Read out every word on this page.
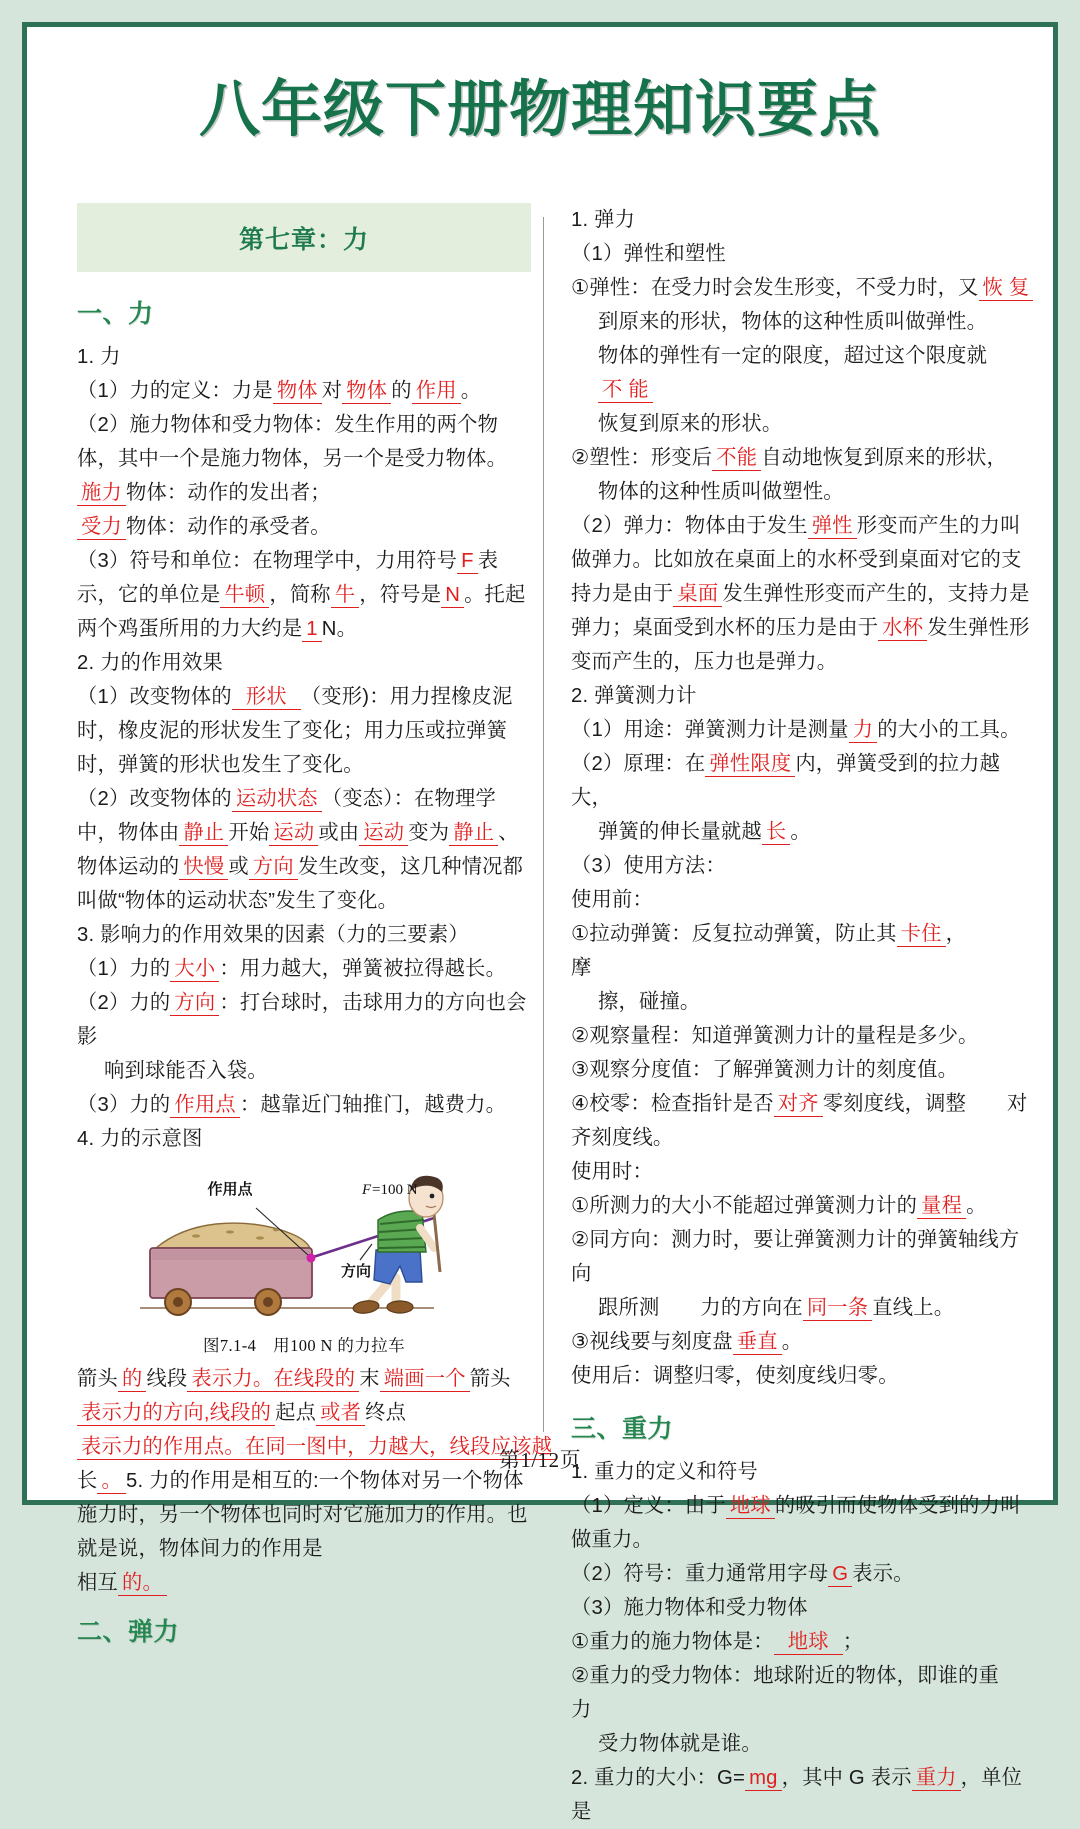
八年级下册物理知识要点
第七章：力
一、力
1. 力
（1）力的定义：力是 物体 对 物体 的 作用 。
（2）施力物体和受力物体：发生作用的两个物体，其中一个是施力物体，另一个是受力物体。
施力 物体：动作的发出者；
受力 物体：动作的承受者。
（3）符号和单位：在物理学中，力用符号 F 表示，它的单位是 牛顿 ，简称 牛 ，符号是 N 。托起两个鸡蛋所用的力大约是 1 N。
2. 力的作用效果
（1）改变物体的 形状 （变形)：用力捏橡皮泥时，橡皮泥的形状发生了变化；用力压或拉弹簧时，弹簧的形状也发生了变化。
（2）改变物体的 运动状态 （变态）：在物理学中，物体由 静止 开始 运动 或由 运动 变为 静止 、物体运动的 快慢 或 方向 发生改变，这几种情况都叫做“物体的运动状态”发生了变化。
3. 影响力的作用效果的因素（力的三要素）
（1）力的 大小 ：用力越大，弹簧被拉得越长。
（2）力的 方向 ：打台球时，击球用力的方向也会影
响到球能否入袋。
（3）力的 作用点 ：越靠近门轴推门，越费力。
4. 力的示意图
作用点	F =100 N
方向
图7.1-4　用100 N 的力拉车
箭头 的 线段 表示力。在线段的 末 端画一个 箭头表示力的方向,线段的 起点 或者 终点表示力的作用点。在同一图中，力越大，线段应该越长 。 5. 力的作用是相互的:一个物体对另一个物体施力时，另一个物体也同时对它施加力的作用。也就是说，物体间力的作用是
相互 的。
二、弹力
1. 弹力
（1）弹性和塑性
①弹性：在受力时会发生形变，不受力时，又 恢 复
到原来的形状，物体的这种性质叫做弹性。
物体的弹性有一定的限度，超过这个限度就不 能
恢复到原来的形状。
②塑性：形变后 不能 自动地恢复到原来的形状，
物体的这种性质叫做塑性。
（2）弹力：物体由于发生 弹性 形变而产生的力叫做弹力。比如放在桌面上的水杯受到桌面对它的支持力是由于 桌面 发生弹性形变而产生的，支持力是弹力；桌面受到水杯的压力是由于 水杯 发生弹性形变而产生的，压力也是弹力。
2. 弹簧测力计
（1）用途：弹簧测力计是测量 力 的大小的工具。
（2）原理：在 弹性限度 内，弹簧受到的拉力越大，
弹簧的伸长量就越 长 。
（3）使用方法：
使用前：
①拉动弹簧：反复拉动弹簧，防止其 卡住 ，　　　摩
擦，碰撞。
②观察量程：知道弹簧测力计的量程是多少。
③观察分度值：了解弹簧测力计的刻度值。
④校零：检查指针是否 对齐 零刻度线，调整　　对
齐刻度线。
使用时：
①所测力的大小不能超过弹簧测力计的 量程 。
②同方向：测力时，要让弹簧测力计的弹簧轴线方向
跟所测　　力的方向在 同一条 直线上。
③视线要与刻度盘 垂直 。
使用后：调整归零，使刻度线归零。
三、重力
1. 重力的定义和符号
（1）定义：由于 地球 的吸引而使物体受到的力叫做重力。
（2）符号：重力通常用字母 G 表示。
（3）施力物体和受力物体
①重力的施力物体是： 地球 ；
②重力的受力物体：地球附近的物体，即谁的重　力
受力物体就是谁。
2. 重力的大小：G= mg ，其中 G 表示 重力 ，单位是
第1/12页
